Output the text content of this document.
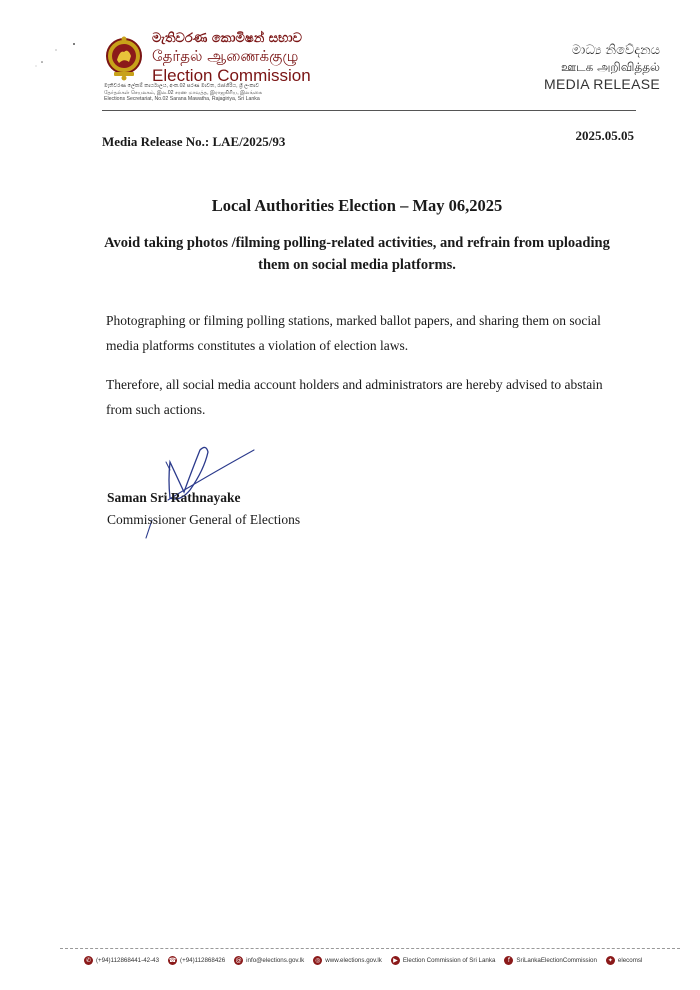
මැතිවරණ කොමිෂන් සභාව
தேர்தல் ஆணைக்குழு
Election Commission
මැතිවරණ ලේකම් කාර්යාලය, අංක.02 සරණ මාවත, රාජගිරිය, ශ්‍රී ලංකාව
தேர்தல்கள் செயலகம், இல.02 சரண மாவத்த, இராஜகிரிய, இலங்கை
Elections Secretariat, No.02 Sarana Mawatha, Rajagiriya, Sri Lanka
මාධ්‍ය නිවේදනය
ஊடக அறிவித்தல்
MEDIA RELEASE
Media Release No.: LAE/2025/93	2025.05.05
Local Authorities Election – May 06,2025
Avoid taking photos /filming polling-related activities, and refrain from uploading them on social media platforms.
Photographing or filming polling stations, marked ballot papers, and sharing them on social media platforms constitutes a violation of election laws.
Therefore, all social media account holders and administrators are hereby advised to abstain from such actions.
Saman Sri Rathnayake
Commissioner General of Elections
✆ (+94)112868441-42-43 ☎ (+94)112868426 @ info@elections.gov.lk	◎ www.elections.gov.lk	▶ Election Commission of Sri Lanka	f	SriLankaElectionCommission	✦ elecomsl
